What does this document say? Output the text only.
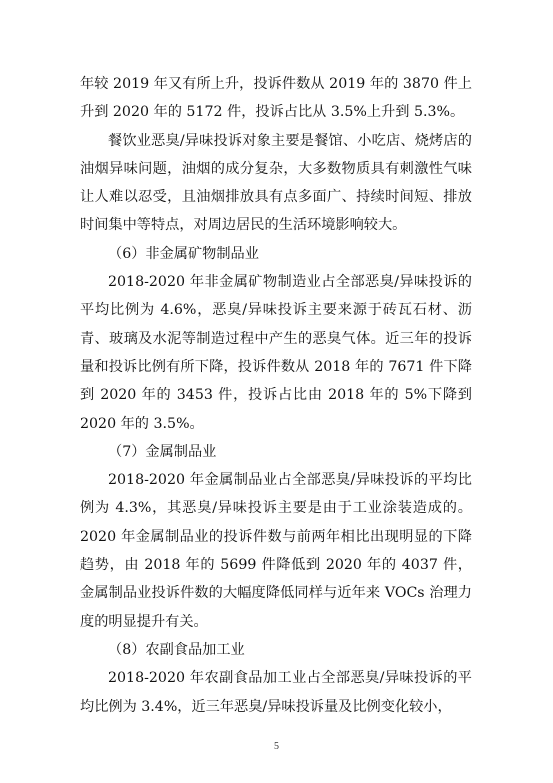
年较 2019 年又有所上升，投诉件数从 2019 年的 3870 件上升到 2020 年的 5172 件，投诉占比从 3.5%上升到 5.3%。

餐饮业恶臭/异味投诉对象主要是餐馆、小吃店、烧烤店的油烟异味问题，油烟的成分复杂，大多数物质具有刺激性气味让人难以忍受，且油烟排放具有点多面广、持续时间短、排放时间集中等特点，对周边居民的生活环境影响较大。

（6）非金属矿物制品业

2018-2020 年非金属矿物制造业占全部恶臭/异味投诉的平均比例为 4.6%，恶臭/异味投诉主要来源于砖瓦石材、沥青、玻璃及水泥等制造过程中产生的恶臭气体。近三年的投诉量和投诉比例有所下降，投诉件数从 2018 年的 7671 件下降到 2020 年的 3453 件，投诉占比由 2018 年的 5%下降到 2020 年的 3.5%。

（7）金属制品业

2018-2020 年金属制品业占全部恶臭/异味投诉的平均比例为 4.3%，其恶臭/异味投诉主要是由于工业涂装造成的。2020 年金属制品业的投诉件数与前两年相比出现明显的下降趋势，由 2018 年的 5699 件降低到 2020 年的 4037 件，金属制品业投诉件数的大幅度降低同样与近年来 VOCs 治理力度的明显提升有关。

（8）农副食品加工业

2018-2020 年农副食品加工业占全部恶臭/异味投诉的平均比例为 3.4%，近三年恶臭/异味投诉量及比例变化较小，

5
